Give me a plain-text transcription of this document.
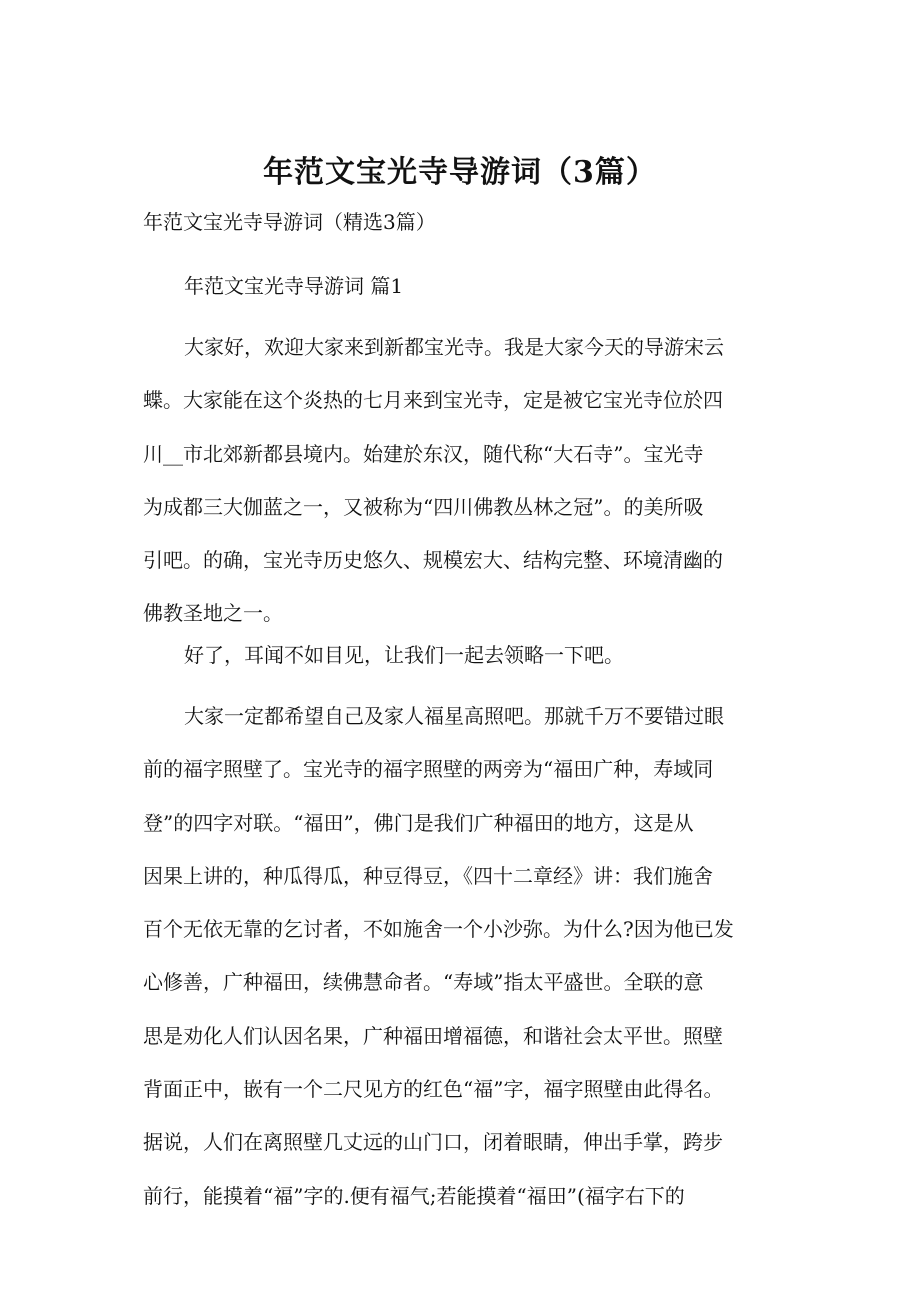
年范文宝光寺导游词（3篇）
年范文宝光寺导游词（精选3篇）
年范文宝光寺导游词 篇1
大家好，欢迎大家来到新都宝光寺。我是大家今天的导游宋云
蝶。大家能在这个炎热的七月来到宝光寺，定是被它宝光寺位於四
川__市北郊新都县境内。始建於东汉，随代称“大石寺”。宝光寺
为成都三大伽蓝之一，又被称为“四川佛教丛林之冠”。的美所吸
引吧。的确，宝光寺历史悠久、规模宏大、结构完整、环境清幽的
佛教圣地之一。
好了，耳闻不如目见，让我们一起去领略一下吧。
大家一定都希望自己及家人福星高照吧。那就千万不要错过眼
前的福字照壁了。宝光寺的福字照壁的两旁为“福田广种，寿域同
登”的四字对联。“福田”，佛门是我们广种福田的地方，这是从
因果上讲的，种瓜得瓜，种豆得豆，《四十二章经》讲：我们施舍
百个无依无靠的乞讨者，不如施舍一个小沙弥。为什么?因为他已发
心修善，广种福田，续佛慧命者。“寿域”指太平盛世。全联的意
思是劝化人们认因名果，广种福田增福德，和谐社会太平世。照壁
背面正中，嵌有一个二尺见方的红色“福”字，福字照壁由此得名。
据说，人们在离照壁几丈远的山门口，闭着眼睛，伸出手掌，跨步
前行，能摸着“福”字的.便有福气;若能摸着“福田”(福字右下的
